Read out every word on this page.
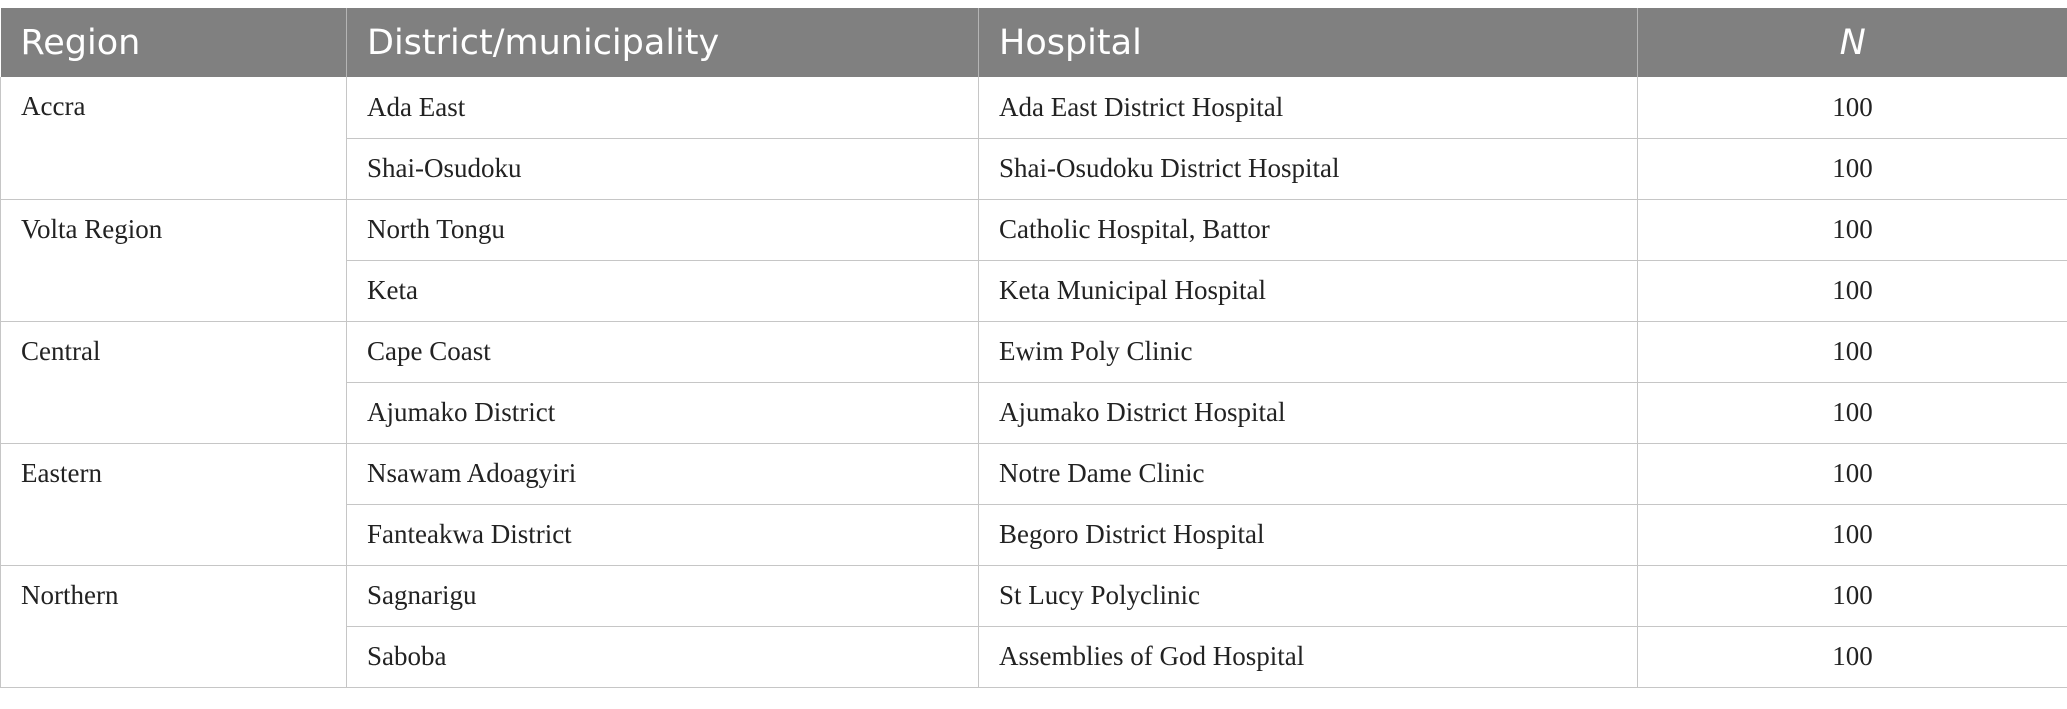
Region	District/municipality	Hospital	N
Accra	Ada East	Ada East District Hospital	100
	Shai-Osudoku	Shai-Osudoku District Hospital	100
Volta Region	North Tongu	Catholic Hospital, Battor	100
	Keta	Keta Municipal Hospital	100
Central	Cape Coast	Ewim Poly Clinic	100
	Ajumako District	Ajumako District Hospital	100
Eastern	Nsawam Adoagyiri	Notre Dame Clinic	100
	Fanteakwa District	Begoro District Hospital	100
Northern	Sagnarigu	St Lucy Polyclinic	100
	Saboba	Assemblies of God Hospital	100
